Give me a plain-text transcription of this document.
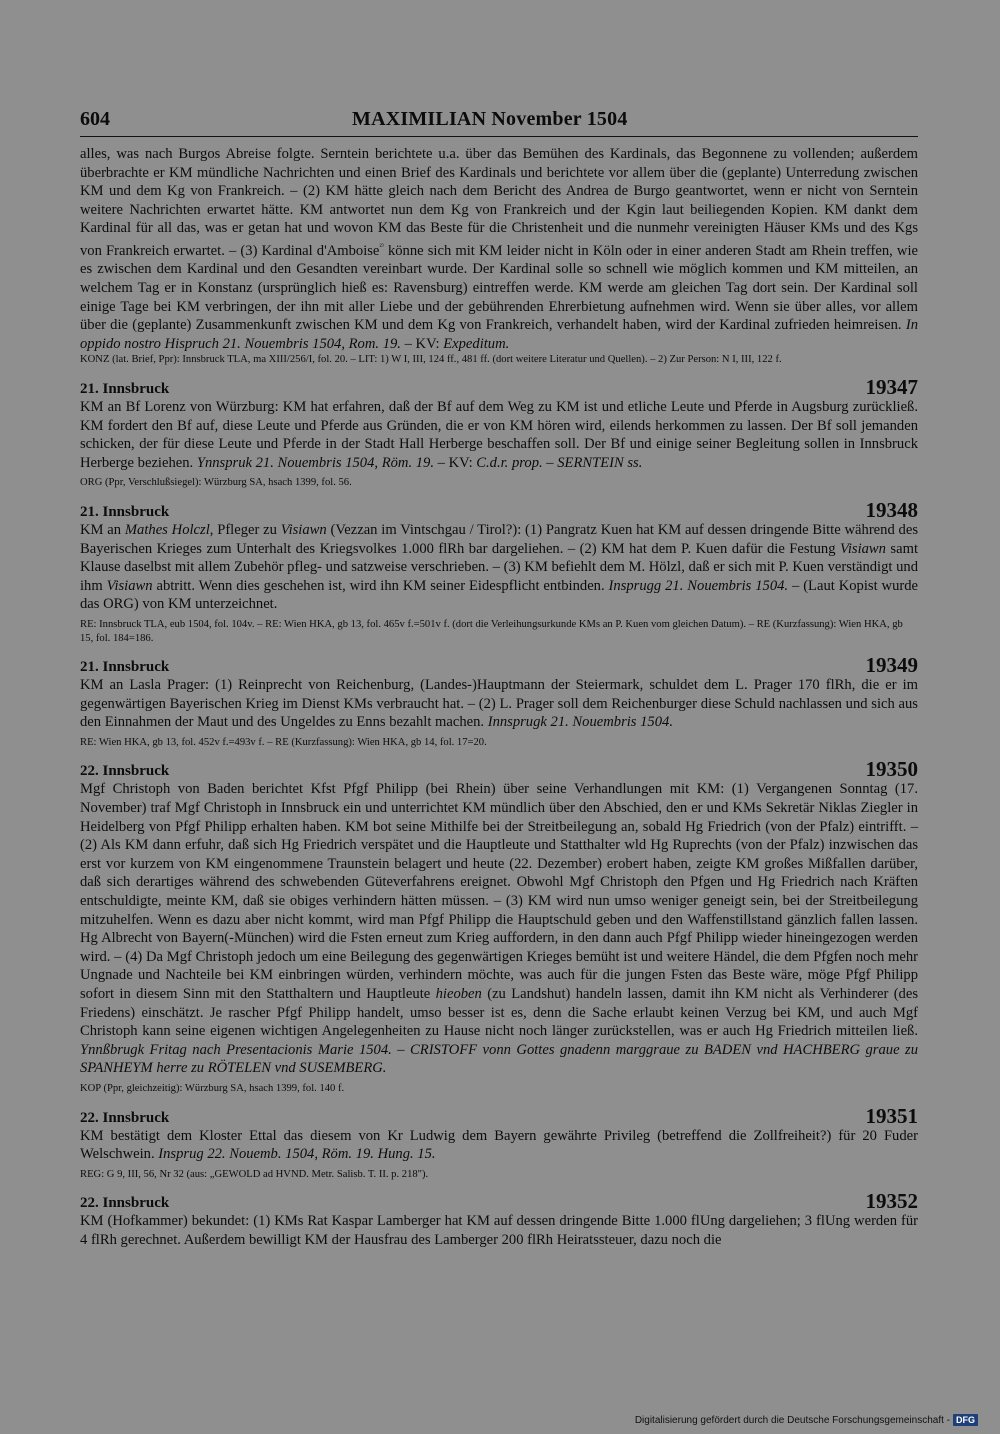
604	MAXIMILIAN November 1504

alles, was nach Burgos Abreise folgte. Serntein berichtete u.a. über das Bemühen des Kardinals, das Begonnene zu vollenden; außerdem überbrachte er KM mündliche Nachrichten und einen Brief des Kardinals und berichtete vor allem über die (geplante) Unterredung zwischen KM und dem Kg von Frankreich. – (2) KM hätte gleich nach dem Bericht des Andrea de Burgo geantwortet, wenn er nicht von Serntein weitere Nachrichten erwartet hätte. KM antwortet nun dem Kg von Frankreich und der Kgin laut beiliegenden Kopien. KM dankt dem Kardinal für all das, was er getan hat und wovon KM das Beste für die Christenheit und die nunmehr vereinigten Häuser KMs und des Kgs von Frankreich erwartet. – (3) Kardinal d'Amboise$^{^{2)}}$ könne sich mit KM leider nicht in Köln oder in einer anderen Stadt am Rhein treffen, wie es zwischen dem Kardinal und den Gesandten vereinbart wurde. Der Kardinal solle so schnell wie möglich kommen und KM mitteilen, an welchem Tag er in Konstanz (ursprünglich hieß es: Ravensburg) eintreffen werde. KM werde am gleichen Tag dort sein. Der Kardinal soll einige Tage bei KM verbringen, der ihn mit aller Liebe und der gebührenden Ehrerbietung aufnehmen wird. Wenn sie über alles, vor allem über die (geplante) Zusammenkunft zwischen KM und dem Kg von Frankreich, verhandelt haben, wird der Kardinal zufrieden heimreisen. In oppido nostro Hispruch 21. Nouembris 1504, Rom. 19. – KV: Expeditum.

KONZ (lat. Brief, Ppr): Innsbruck TLA, ma XIII/256/I, fol. 20. – LIT: 1) W I, III, 124 ff., 481 ff. (dort weitere Literatur und Quellen). – 2) Zur Person: N I, III, 122 f.

21. Innsbruck	19347

KM an Bf Lorenz von Würzburg: KM hat erfahren, daß der Bf auf dem Weg zu KM ist und etliche Leute und Pferde in Augsburg zurückließ. KM fordert den Bf auf, diese Leute und Pferde aus Gründen, die er von KM hören wird, eilends herkommen zu lassen. Der Bf soll jemanden schicken, der für diese Leute und Pferde in der Stadt Hall Herberge beschaffen soll. Der Bf und einige seiner Begleitung sollen in Innsbruck Herberge beziehen. Ynnspruk 21. Nouembris 1504, Röm. 19. – KV: C.d.r. prop. – SERNTEIN ss.

ORG (Ppr, Verschlußsiegel): Würzburg SA, hsach 1399, fol. 56.

21. Innsbruck	19348

KM an Mathes Holczl, Pfleger zu Visiawn (Vezzan im Vintschgau / Tirol?): (1) Pangratz Kuen hat KM auf dessen dringende Bitte während des Bayerischen Krieges zum Unterhalt des Kriegsvolkes 1.000 flRh bar dargeliehen. – (2) KM hat dem P. Kuen dafür die Festung Visiawn samt Klause daselbst mit allem Zubehör pfleg- und satzweise verschrieben. – (3) KM befiehlt dem M. Hölzl, daß er sich mit P. Kuen verständigt und ihm Visiawn abtritt. Wenn dies geschehen ist, wird ihn KM seiner Eidespflicht entbinden. Insprugg 21. Nouembris 1504. – (Laut Kopist wurde das ORG) von KM unterzeichnet.

RE: Innsbruck TLA, eub 1504, fol. 104v. – RE: Wien HKA, gb 13, fol. 465v f.=501v f. (dort die Verleihungsurkunde KMs an P. Kuen vom gleichen Datum). – RE (Kurzfassung): Wien HKA, gb 15, fol. 184=186.

21. Innsbruck	19349

KM an Lasla Prager: (1) Reinprecht von Reichenburg, (Landes-)Hauptmann der Steiermark, schuldet dem L. Prager 170 flRh, die er im gegenwärtigen Bayerischen Krieg im Dienst KMs verbraucht hat. – (2) L. Prager soll dem Reichenburger diese Schuld nachlassen und sich aus den Einnahmen der Maut und des Ungeldes zu Enns bezahlt machen. Innsprugk 21. Nouembris 1504.

RE: Wien HKA, gb 13, fol. 452v f.=493v f. – RE (Kurzfassung): Wien HKA, gb 14, fol. 17=20.

22. Innsbruck	19350

Mgf Christoph von Baden berichtet Kfst Pfgf Philipp (bei Rhein) über seine Verhandlungen mit KM: (1) Vergangenen Sonntag (17. November) traf Mgf Christoph in Innsbruck ein und unterrichtet KM mündlich über den Abschied, den er und KMs Sekretär Niklas Ziegler in Heidelberg von Pfgf Philipp erhalten haben. KM bot seine Mithilfe bei der Streitbeilegung an, sobald Hg Friedrich (von der Pfalz) eintrifft. – (2) Als KM dann erfuhr, daß sich Hg Friedrich verspätet und die Hauptleute und Statthalter wld Hg Ruprechts (von der Pfalz) inzwischen das erst vor kurzem von KM eingenommene Traunstein belagert und heute (22. Dezember) erobert haben, zeigte KM großes Mißfallen darüber, daß sich derartiges während des schwebenden Güteverfahrens ereignet. Obwohl Mgf Christoph den Pfgen und Hg Friedrich nach Kräften entschuldigte, meinte KM, daß sie obiges verhindern hätten müssen. – (3) KM wird nun umso weniger geneigt sein, bei der Streitbeilegung mitzuhelfen. Wenn es dazu aber nicht kommt, wird man Pfgf Philipp die Hauptschuld geben und den Waffenstillstand gänzlich fallen lassen. Hg Albrecht von Bayern(-München) wird die Fsten erneut zum Krieg auffordern, in den dann auch Pfgf Philipp wieder hineingezogen werden wird. – (4) Da Mgf Christoph jedoch um eine Beilegung des gegenwärtigen Krieges bemüht ist und weitere Händel, die dem Pfgfen noch mehr Ungnade und Nachteile bei KM einbringen würden, verhindern möchte, was auch für die jungen Fsten das Beste wäre, möge Pfgf Philipp sofort in diesem Sinn mit den Statthaltern und Hauptleute hieoben (zu Landshut) handeln lassen, damit ihn KM nicht als Verhinderer (des Friedens) einschätzt. Je rascher Pfgf Philipp handelt, umso besser ist es, denn die Sache erlaubt keinen Verzug bei KM, und auch Mgf Christoph kann seine eigenen wichtigen Angelegenheiten zu Hause nicht noch länger zurückstellen, was er auch Hg Friedrich mitteilen ließ. Ynnßbrugk Fritag nach Presentacionis Marie 1504. – CRISTOFF vonn Gottes gnadenn marggraue zu BADEN vnd HACHBERG graue zu SPANHEYM herre zu RÖTELEN vnd SUSEMBERG.

KOP (Ppr, gleichzeitig): Würzburg SA, hsach 1399, fol. 140 f.

22. Innsbruck	19351

KM bestätigt dem Kloster Ettal das diesem von Kr Ludwig dem Bayern gewährte Privileg (betreffend die Zollfreiheit?) für 20 Fuder Welschwein. Insprug 22. Nouemb. 1504, Röm. 19. Hung. 15.

REG: G 9, III, 56, Nr 32 (aus: „GEWOLD ad HVND. Metr. Salisb. T. II. p. 218").

22. Innsbruck	19352

KM (Hofkammer) bekundet: (1) KMs Rat Kaspar Lamberger hat KM auf dessen dringende Bitte 1.000 flUng dargeliehen; 3 flUng werden für 4 flRh gerechnet. Außerdem bewilligt KM der Hausfrau des Lamberger 200 flRh Heiratssteuer, dazu noch die

Digitalisierung gefördert durch die Deutsche Forschungsgemeinschaft - DFG
